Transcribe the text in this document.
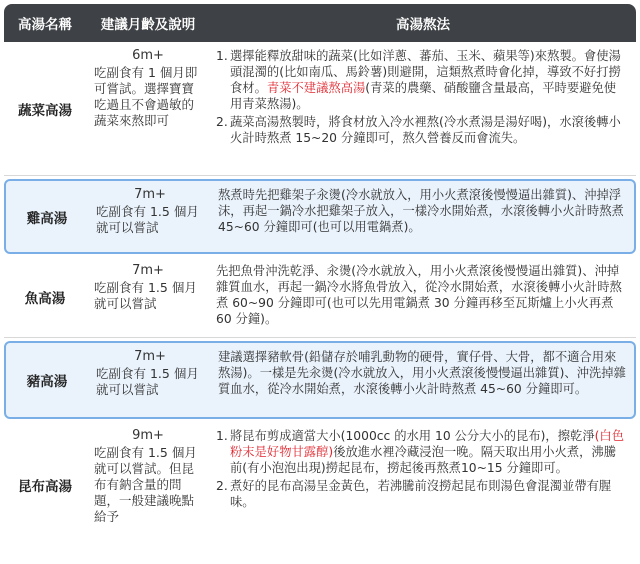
高湯名稱	建議月齡及說明	高湯熬法
蔬菜高湯
6m+
吃副食有 1 個月即可嘗試。選擇寶寶吃過且不會過敏的蔬菜來熬即可
1. 選擇能釋放甜味的蔬菜(比如洋蔥、蕃茄、玉米、蘋果等)來熬製。會使湯頭混濁的(比如南瓜、馬鈴薯)則避開，這類熬煮時會化掉，導致不好打撈食材。青菜不建議熬高湯(青菜的農藥、硝酸鹽含量最高，平時要避免使用青菜熬湯)。
2. 蔬菜高湯熬製時，將食材放入冷水裡熬(冷水煮湯是湯好喝)，水滾後轉小火計時熬煮 15~20 分鐘即可，熬久營養反而會流失。
雞高湯
7m+
吃副食有 1.5 個月就可以嘗試
熬煮時先把雞架子汆燙(冷水就放入，用小火煮滾後慢慢逼出雜質)、沖掉浮沫，再起一鍋冷水把雞架子放入，一樣冷水開始煮，水滾後轉小火計時熬煮 45~60 分鐘即可(也可以用電鍋煮)。
魚高湯
7m+
吃副食有 1.5 個月就可以嘗試
先把魚骨沖洗乾淨、汆燙(冷水就放入，用小火煮滾後慢慢逼出雜質)、沖掉雜質血水，再起一鍋冷水將魚骨放入，從冷水開始煮，水滾後轉小火計時熬煮 60~90 分鐘即可(也可以先用電鍋煮 30 分鐘再移至瓦斯爐上小火再煮 60 分鐘)。
豬高湯
7m+
吃副食有 1.5 個月就可以嘗試
建議選擇豬軟骨(鉛儲存於哺乳動物的硬骨，實仔骨、大骨，都不適合用來熬湯)。一樣是先汆燙(冷水就放入，用小火煮滾後慢慢逼出雜質)、沖洗掉雜質血水，從冷水開始煮，水滾後轉小火計時熬煮 45~60 分鐘即可。
昆布高湯
9m+
吃副食有 1.5 個月就可以嘗試。但昆布有鈉含量的問題，一般建議晚點給予
1. 將昆布剪成適當大小(1000cc 的水用 10 公分大小的昆布)，擦乾淨(白色粉末是好物甘露醇)後放進水裡冷藏浸泡一晚。隔天取出用小火煮，沸騰前(有小泡泡出現)撈起昆布，撈起後再熬煮10~15 分鐘即可。
2. 煮好的昆布高湯呈金黃色，若沸騰前沒撈起昆布則湯色會混濁並帶有腥味。
